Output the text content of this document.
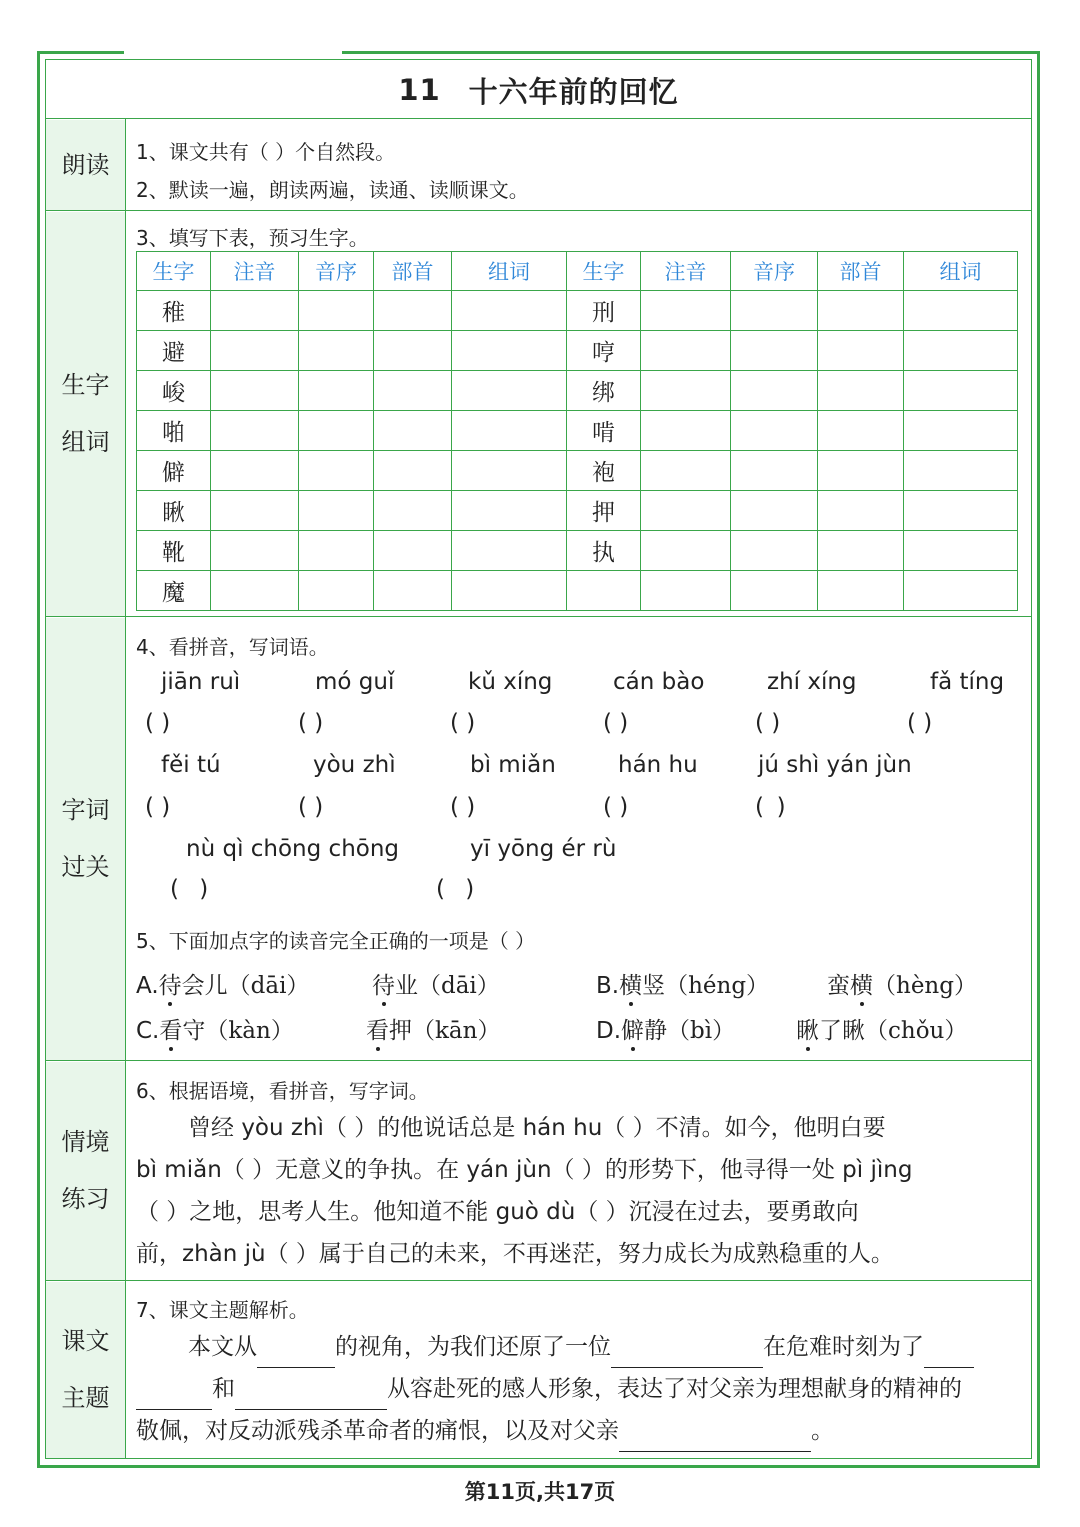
11 十六年前的回忆
朗读 1、课文共有（ ）个自然段。
2、默读一遍，朗读两遍，读通、读顺课文。
生字
组词
3、填写下表，预习生字。
生字	注音	音序	部首	组词	生字	注音	音序	部首	组词
稚					刑				
避					哼				
峻					绑				
啪					啃				
僻					袍				
瞅					押				
靴					执				
魔									
字词
过关
4、看拼音，写词语。
jiān ruì	mó guǐ	kǔ xíng	cán bào	zhí xíng	fǎ tíng
( )	( )	( )	( )	( )	( )
fěi tú	yòu zhì	bì miǎn	hán hu	jú shì yán jùn
( )	( )	( )	( )	( )
nù qì chōng chōng	yī yōng ér rù
( )	( )
5、下面加点字的读音完全正确的一项是（ ）
A.待会儿（dāi）	待业（dāi）	B.横竖（héng）	蛮横（hèng）
C.看守（kàn）	看押（kān）	D.僻静（bì）	瞅了瞅（chǒu）
情境
练习
6、根据语境，看拼音，写字词。
曾经 yòu zhì（ ）的他说话总是 hán hu（ ）不清。如今，他明白要
bì miǎn（ ）无意义的争执。在 yán jùn（ ）的形势下，他寻得一处 pì jìng
（ ）之地，思考人生。他知道不能 guò dù（ ）沉浸在过去，要勇敢向
前，zhàn jù（ ）属于自己的未来，不再迷茫，努力成长为成熟稳重的人。
课文
主题
7、课文主题解析。
本文从	的视角，为我们还原了一位	在危难时刻为了
和	从容赴死的感人形象，表达了对父亲为理想献身的精神的
敬佩，对反动派残杀革命者的痛恨，以及对父亲	。
第11页,共17页
